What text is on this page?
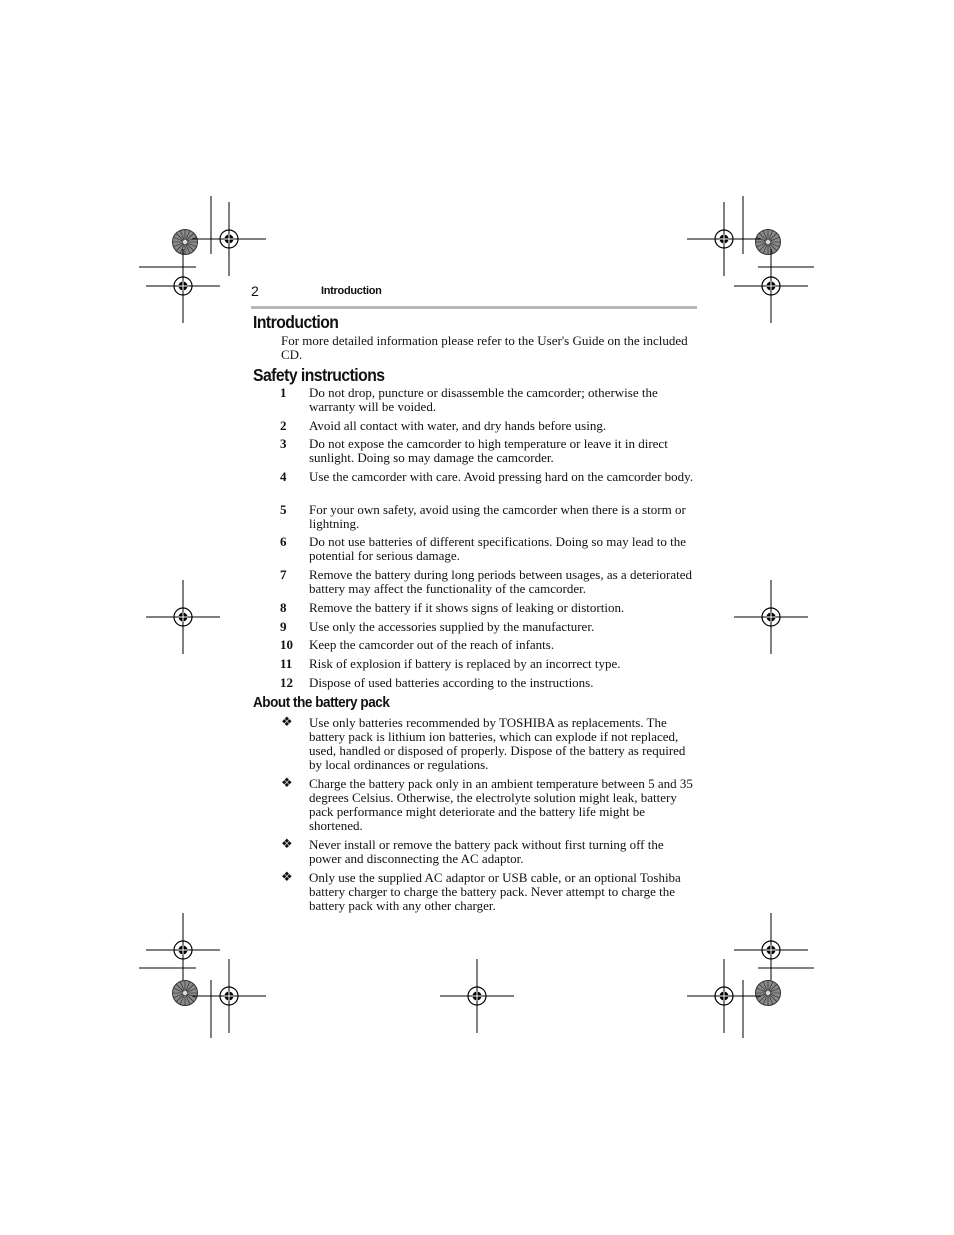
2	Introduction
Introduction
For more detailed information please refer to the User's Guide on the included CD.
Safety instructions
1 Do not drop, puncture or disassemble the camcorder; otherwise the warranty will be voided.
2 Avoid all contact with water, and dry hands before using.
3 Do not expose the camcorder to high temperature or leave it in direct sunlight. Doing so may damage the camcorder.
4 Use the camcorder with care. Avoid pressing hard on the camcorder body.
5 For your own safety, avoid using the camcorder when there is a storm or lightning.
6 Do not use batteries of different specifications. Doing so may lead to the potential for serious damage.
7 Remove the battery during long periods between usages, as a deteriorated battery may affect the functionality of the camcorder.
8 Remove the battery if it shows signs of leaking or distortion.
9 Use only the accessories supplied by the manufacturer.
10 Keep the camcorder out of the reach of infants.
11 Risk of explosion if battery is replaced by an incorrect type.
12 Dispose of used batteries according to the instructions.
About the battery pack
❖ Use only batteries recommended by TOSHIBA as replacements. The battery pack is lithium ion batteries, which can explode if not replaced, used, handled or disposed of properly. Dispose of the battery as required by local ordinances or regulations.
❖ Charge the battery pack only in an ambient temperature between 5 and 35 degrees Celsius. Otherwise, the electrolyte solution might leak, battery pack performance might deteriorate and the battery life might be shortened.
❖ Never install or remove the battery pack without first turning off the power and disconnecting the AC adaptor.
❖ Only use the supplied AC adaptor or USB cable, or an optional Toshiba battery charger to charge the battery pack. Never attempt to charge the battery pack with any other charger.
